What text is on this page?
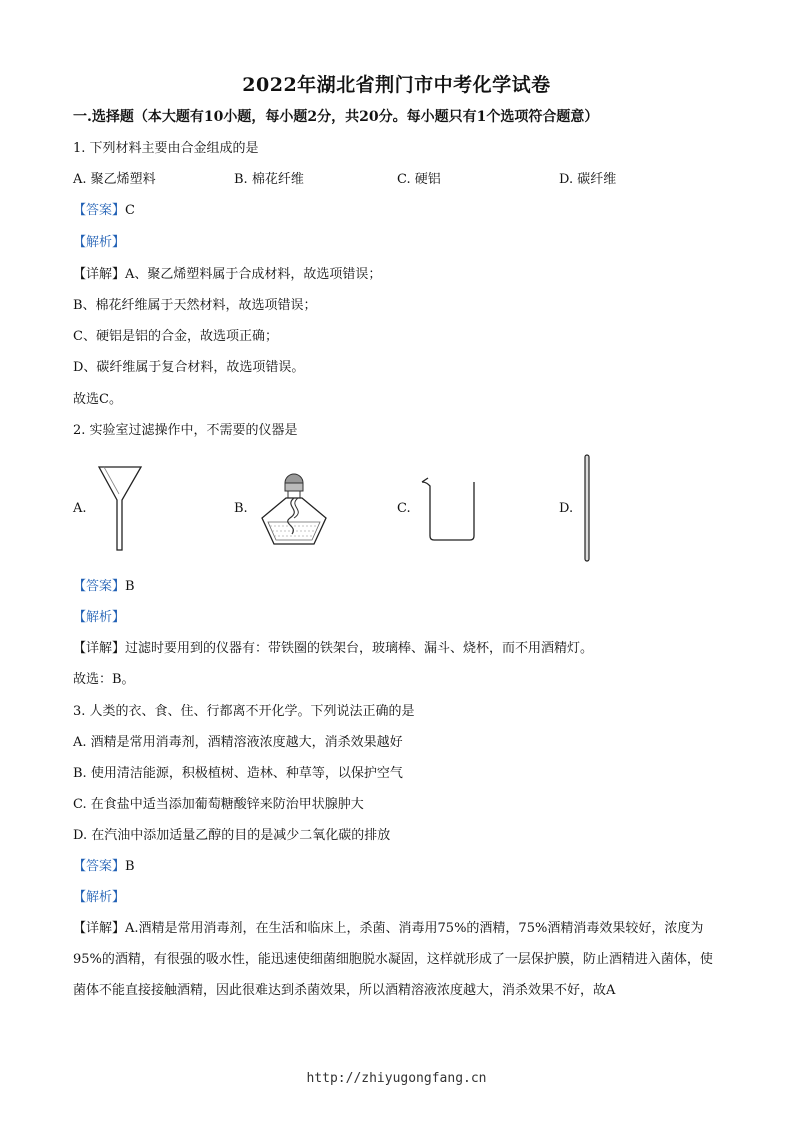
2022年湖北省荆门市中考化学试卷
一.选择题（本大题有10小题，每小题2分，共20分。每小题只有1个选项符合题意）
1. 下列材料主要由合金组成的是
A. 聚乙烯塑料	B. 棉花纤维	C. 硬铝	D. 碳纤维
【答案】C
【解析】
【详解】A、聚乙烯塑料属于合成材料，故选项错误；
B、棉花纤维属于天然材料，故选项错误；
C、硬铝是铝的合金，故选项正确；
D、碳纤维属于复合材料，故选项错误。
故选C。
2. 实验室过滤操作中，不需要的仪器是
A.	B.	C.	D.
【答案】B
【解析】
【详解】过滤时要用到的仪器有：带铁圈的铁架台，玻璃棒、漏斗、烧杯，而不用酒精灯。
故选：B。
3. 人类的衣、食、住、行都离不开化学。下列说法正确的是
A. 酒精是常用消毒剂，酒精溶液浓度越大，消杀效果越好
B. 使用清洁能源，积极植树、造林、种草等，以保护空气
C. 在食盐中适当添加葡萄糖酸锌来防治甲状腺肿大
D. 在汽油中添加适量乙醇的目的是减少二氧化碳的排放
【答案】B
【解析】
【详解】A.酒精是常用消毒剂，在生活和临床上，杀菌、消毒用75%的酒精，75%酒精消毒效果较好，浓度为95%的酒精，有很强的吸水性，能迅速使细菌细胞脱水凝固，这样就形成了一层保护膜，防止酒精进入菌体，使菌体不能直接接触酒精，因此很难达到杀菌效果，所以酒精溶液浓度越大，消杀效果不好，故A
http://zhiyugongfang.cn
